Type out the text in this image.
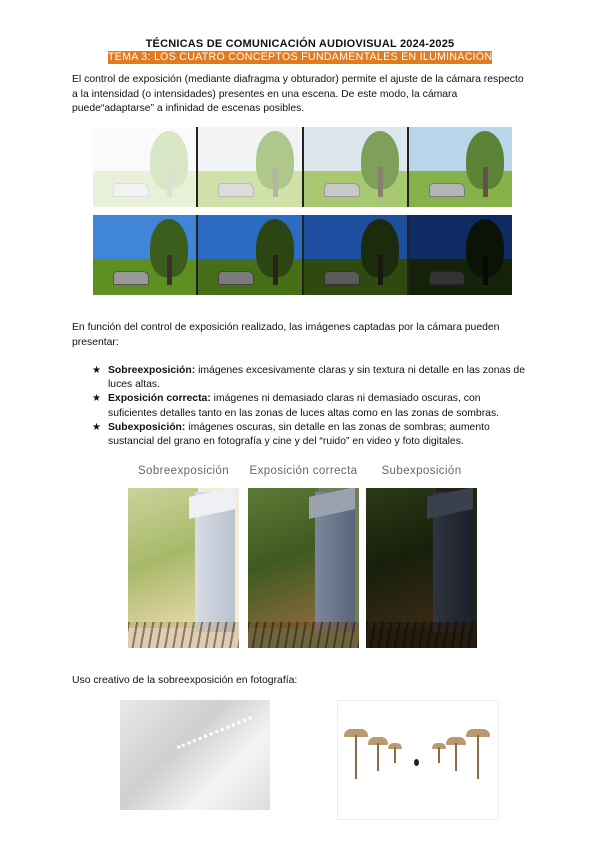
TÉCNICAS DE COMUNICACIÓN AUDIOVISUAL 2024-2025
TEMA 3: LOS CUATRO CONCEPTOS FUNDAMENTALES EN ILUMINACIÓN
El control de exposición (mediante diafragma y obturador) permite el ajuste de la cámara respecto a la intensidad (o intensidades) presentes en una escena. De este modo, la cámara puede“adaptarse” a infinidad de escenas posibles.
En función del control de exposición realizado, las imágenes captadas por la cámara pueden presentar:
★ Sobreexposición: imágenes excesivamente claras y sin textura ni detalle en las zonas de luces altas.
★ Exposición correcta: imágenes ni demasiado claras ni demasiado oscuras, con suficientes detalles tanto en las zonas de luces altas como en las zonas de sombras.
★ Subexposición: imágenes oscuras, sin detalle en las zonas de sombras; aumento sustancial del grano en fotografía y cine y del “ruido” en video y foto digitales.
Sobreexposición	Exposición correcta	Subexposición
Uso creativo de la sobreexposición en fotografía:
